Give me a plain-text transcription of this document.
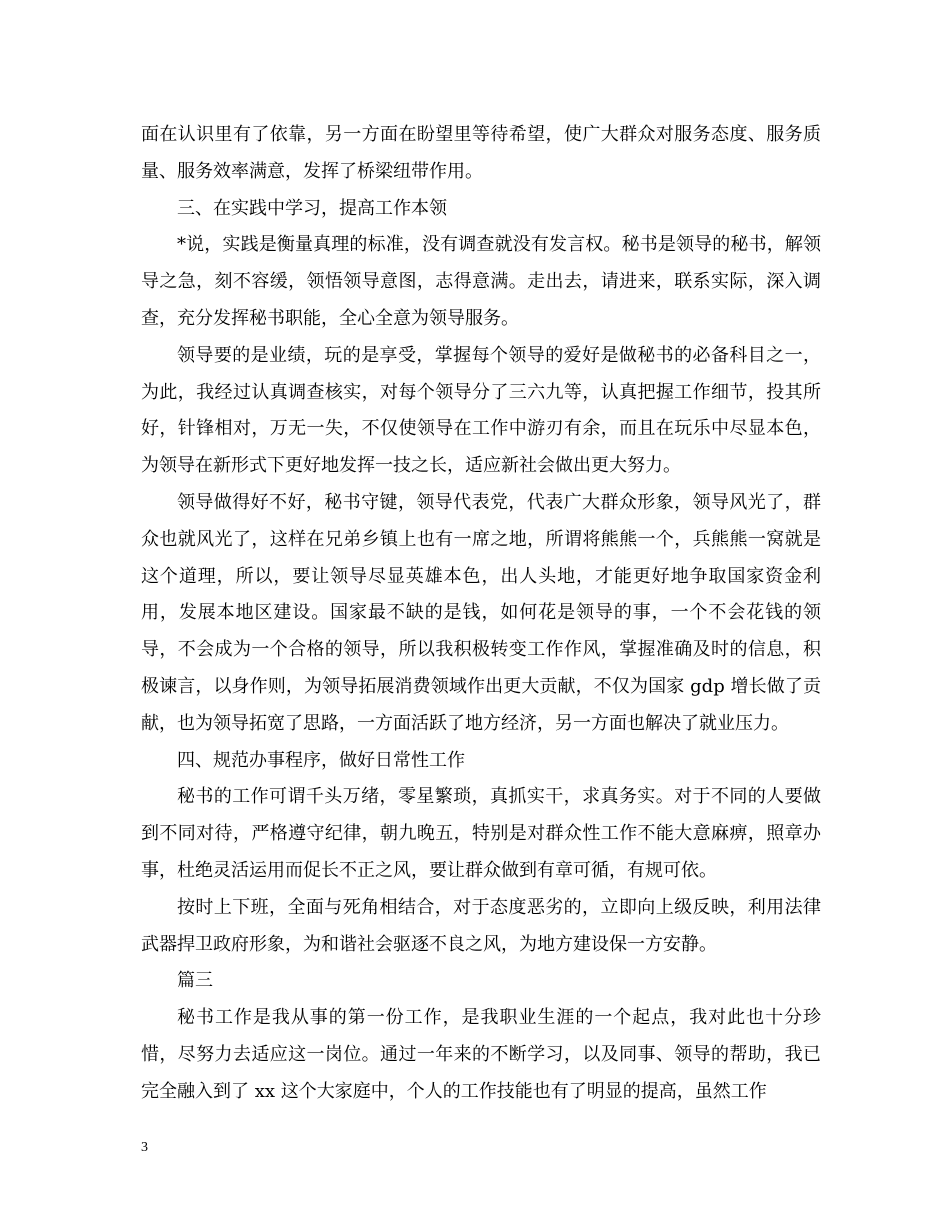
面在认识里有了依靠，另一方面在盼望里等待希望，使广大群众对服务态度、服务质量、服务效率满意，发挥了桥梁纽带作用。

三、在实践中学习，提高工作本领

*说，实践是衡量真理的标准，没有调查就没有发言权。秘书是领导的秘书，解领导之急，刻不容缓，领悟领导意图，志得意满。走出去，请进来，联系实际，深入调查，充分发挥秘书职能，全心全意为领导服务。

领导要的是业绩，玩的是享受，掌握每个领导的爱好是做秘书的必备科目之一，为此，我经过认真调查核实，对每个领导分了三六九等，认真把握工作细节，投其所好，针锋相对，万无一失，不仅使领导在工作中游刃有余，而且在玩乐中尽显本色，为领导在新形式下更好地发挥一技之长，适应新社会做出更大努力。

领导做得好不好，秘书守键，领导代表党，代表广大群众形象，领导风光了，群众也就风光了，这样在兄弟乡镇上也有一席之地，所谓将熊熊一个，兵熊熊一窝就是这个道理，所以，要让领导尽显英雄本色，出人头地，才能更好地争取国家资金利用，发展本地区建设。国家最不缺的是钱，如何花是领导的事，一个不会花钱的领导，不会成为一个合格的领导，所以我积极转变工作作风，掌握准确及时的信息，积极谏言，以身作则，为领导拓展消费领域作出更大贡献，不仅为国家 gdp 增长做了贡献，也为领导拓宽了思路，一方面活跃了地方经济，另一方面也解决了就业压力。

四、规范办事程序，做好日常性工作

秘书的工作可谓千头万绪，零星繁琐，真抓实干，求真务实。对于不同的人要做到不同对待，严格遵守纪律，朝九晚五，特别是对群众性工作不能大意麻痹，照章办事，杜绝灵活运用而促长不正之风，要让群众做到有章可循，有规可依。

按时上下班，全面与死角相结合，对于态度恶劣的，立即向上级反映，利用法律武器捍卫政府形象，为和谐社会驱逐不良之风，为地方建设保一方安静。

篇三

秘书工作是我从事的第一份工作，是我职业生涯的一个起点，我对此也十分珍惜，尽努力去适应这一岗位。通过一年来的不断学习，以及同事、领导的帮助，我已完全融入到了 xx 这个大家庭中，个人的工作技能也有了明显的提高，虽然工作

3
